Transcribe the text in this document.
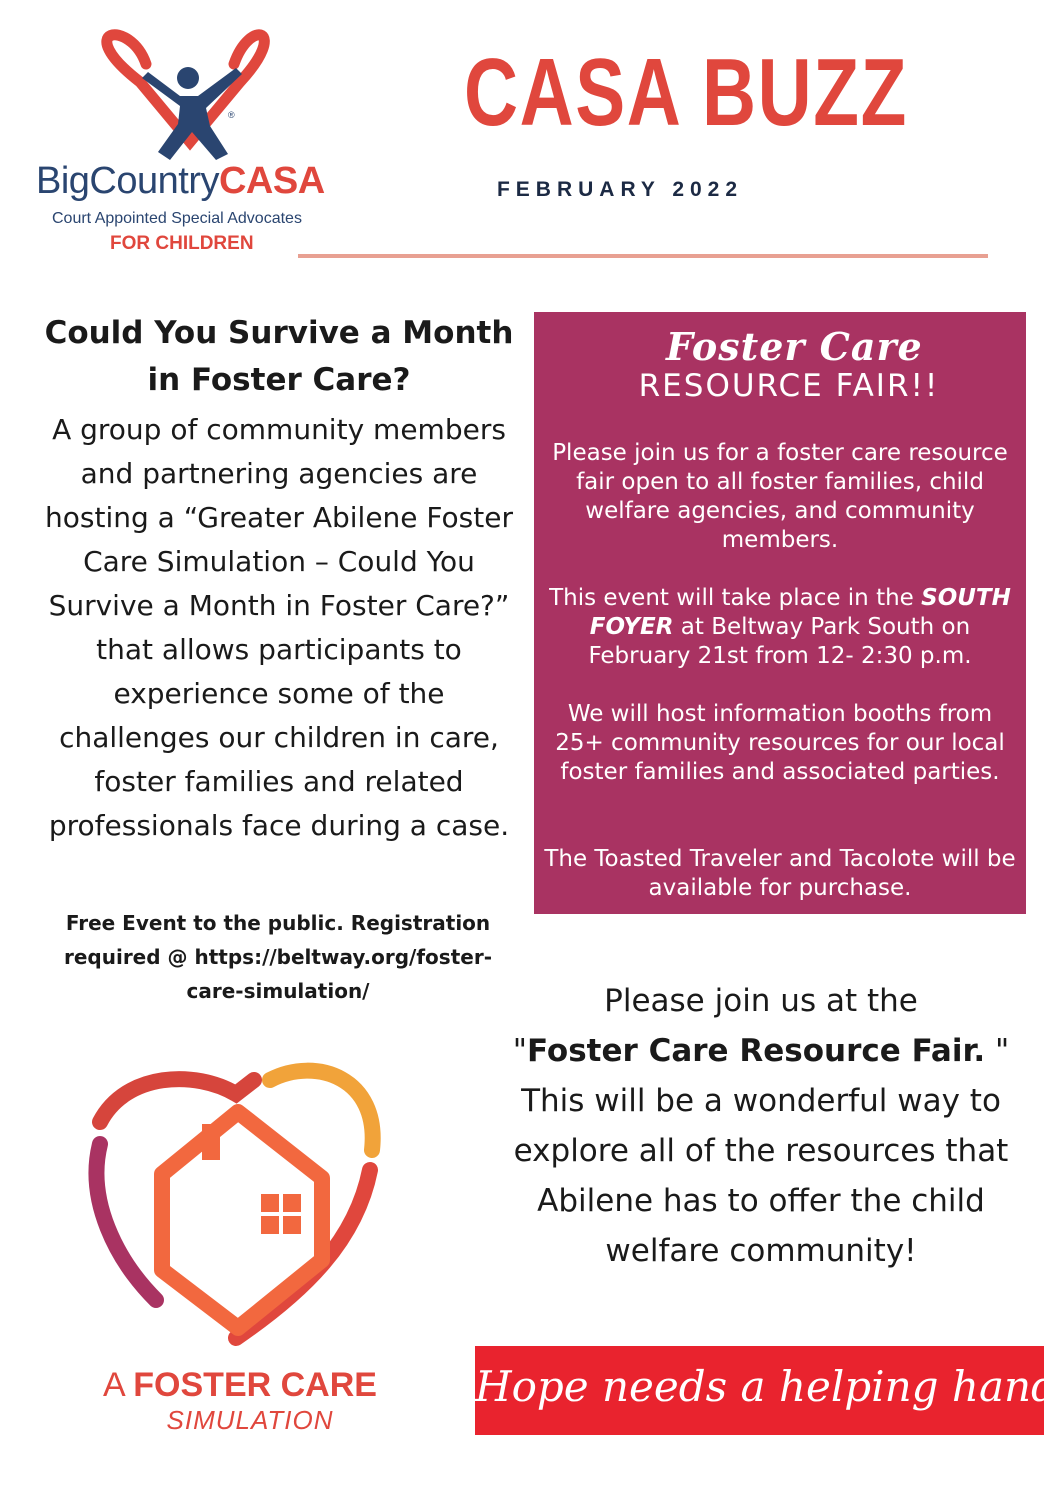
®
BigCountryCASA
Court Appointed Special Advocates
FOR CHILDREN
CASA BUZZ
FEBRUARY 2022
Could You Survive a Month in Foster Care?
A group of community members and partnering agencies are hosting a “Greater Abilene Foster Care Simulation – Could You Survive a Month in Foster Care?” that allows participants to experience some of the challenges our children in care, foster families and related professionals face during a case.
Free Event to the public. Registration required @ https://beltway.org/foster-care-simulation/
Foster Care
RESOURCE FAIR!!
Please join us for a foster care resource fair open to all foster families, child welfare agencies, and community members.
This event will take place in the SOUTH FOYER at Beltway Park South on February 21st from 12- 2:30 p.m.
We will host information booths from 25+ community resources for our local foster families and associated parties.
The Toasted Traveler and Tacolote will be available for purchase.
Please join us at the
"Foster Care Resource Fair. "
This will be a wonderful way to explore all of the resources that Abilene has to offer the child welfare community!
A FOSTER CARE
SIMULATION
Hope needs a helping hand
